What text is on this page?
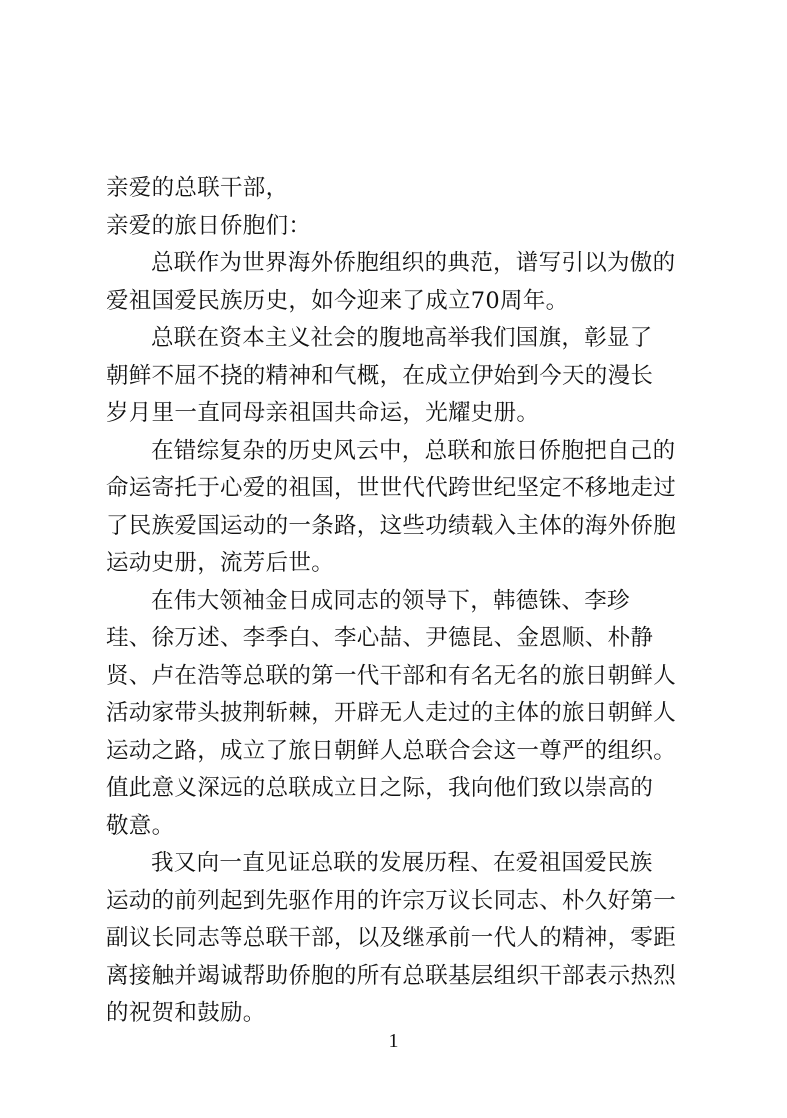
亲爱的总联干部，
亲爱的旅日侨胞们：
总联作为世界海外侨胞组织的典范，谱写引以为傲的
爱祖国爱民族历史，如今迎来了成立70周年。
总联在资本主义社会的腹地高举我们国旗，彰显了
朝鲜不屈不挠的精神和气概，在成立伊始到今天的漫长
岁月里一直同母亲祖国共命运，光耀史册。
在错综复杂的历史风云中，总联和旅日侨胞把自己的
命运寄托于心爱的祖国，世世代代跨世纪坚定不移地走过
了民族爱国运动的一条路，这些功绩载入主体的海外侨胞
运动史册，流芳后世。
在伟大领袖金日成同志的领导下，韩德铢、李珍
珪、徐万述、李季白、李心喆、尹德昆、金恩顺、朴静
贤、卢在浩等总联的第一代干部和有名无名的旅日朝鲜人
活动家带头披荆斩棘，开辟无人走过的主体的旅日朝鲜人
运动之路，成立了旅日朝鲜人总联合会这一尊严的组织。
值此意义深远的总联成立日之际，我向他们致以崇高的
敬意。
我又向一直见证总联的发展历程、在爱祖国爱民族
运动的前列起到先驱作用的许宗万议长同志、朴久好第一
副议长同志等总联干部，以及继承前一代人的精神，零距
离接触并竭诚帮助侨胞的所有总联基层组织干部表示热烈
的祝贺和鼓励。
1
